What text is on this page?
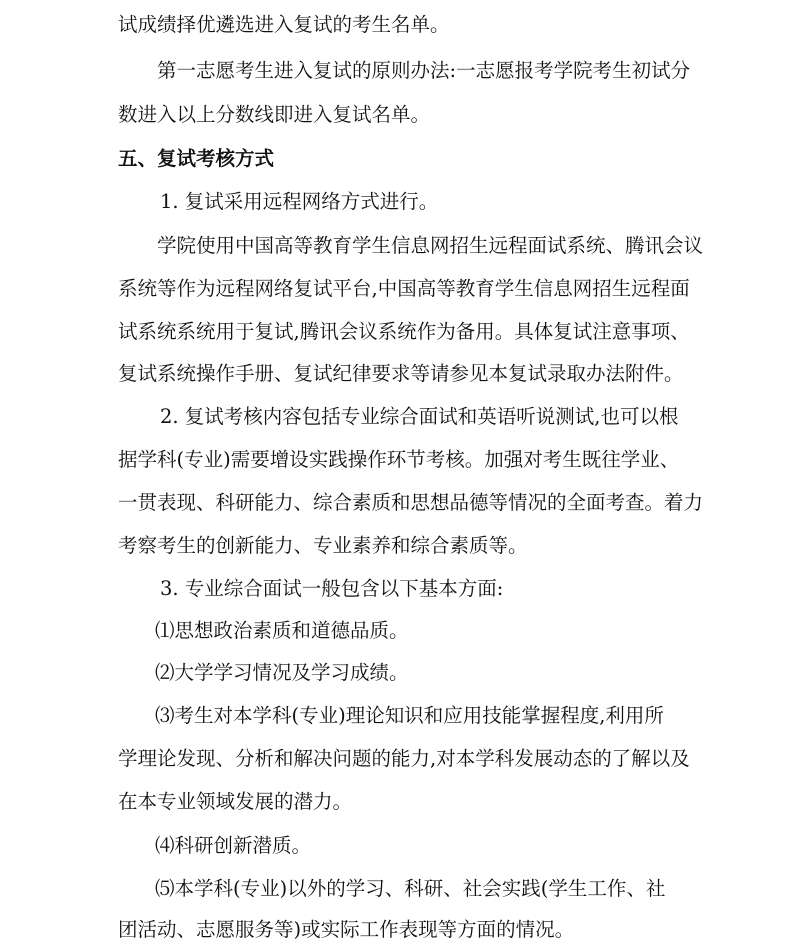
试成绩择优遴选进入复试的考生名单。
第一志愿考生进入复试的原则办法:一志愿报考学院考生初试分
数进入以上分数线即进入复试名单。
五、复试考核方式
1. 复试采用远程网络方式进行。
学院使用中国高等教育学生信息网招生远程面试系统、腾讯会议
系统等作为远程网络复试平台,中国高等教育学生信息网招生远程面
试系统系统用于复试,腾讯会议系统作为备用。具体复试注意事项、
复试系统操作手册、复试纪律要求等请参见本复试录取办法附件。
2. 复试考核内容包括专业综合面试和英语听说测试,也可以根
据学科(专业)需要增设实践操作环节考核。加强对考生既往学业、
一贯表现、科研能力、综合素质和思想品德等情况的全面考查。着力
考察考生的创新能力、专业素养和综合素质等。
3. 专业综合面试一般包含以下基本方面:
⑴思想政治素质和道德品质。
⑵大学学习情况及学习成绩。
⑶考生对本学科(专业)理论知识和应用技能掌握程度,利用所
学理论发现、分析和解决问题的能力,对本学科发展动态的了解以及
在本专业领域发展的潜力。
⑷科研创新潜质。
⑸本学科(专业)以外的学习、科研、社会实践(学生工作、社
团活动、志愿服务等)或实际工作表现等方面的情况。
